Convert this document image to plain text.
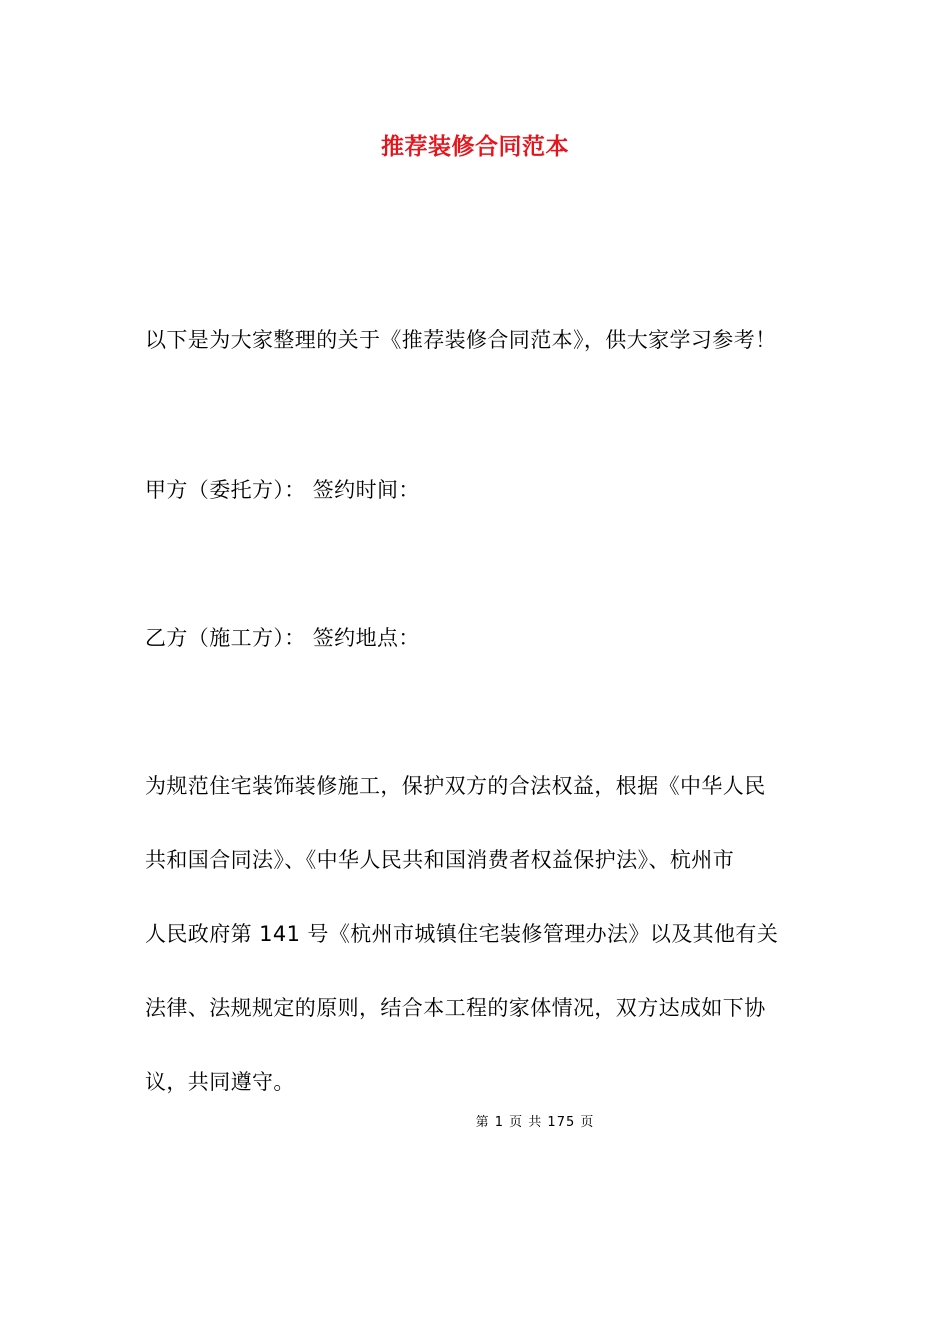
推荐装修合同范本
以下是为大家整理的关于《推荐装修合同范本》，供大家学习参考！
甲方（委托方）： 签约时间：
乙方（施工方）： 签约地点：
为规范住宅装饰装修施工，保护双方的合法权益，根据《中华人民
共和国合同法》、《中华人民共和国消费者权益保护法》、杭州市
人民政府第 141 号《杭州市城镇住宅装修管理办法》以及其他有关
法律、法规规定的原则，结合本工程的家体情况，双方达成如下协
议，共同遵守。
第 1 页 共 175 页
